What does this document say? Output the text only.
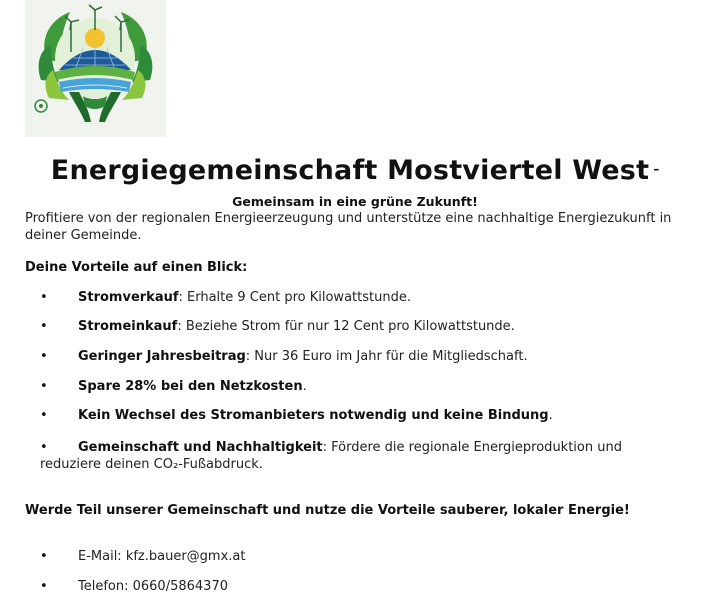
Energiegemeinschaft Mostviertel West –
Gemeinsam in eine grüne Zukunft!
Profitiere von der regionalen Energieerzeugung und unterstütze eine nachhaltige Energiezukunft in deiner Gemeinde.
Deine Vorteile auf einen Blick:
•	Stromverkauf: Erhalte 9 Cent pro Kilowattstunde.
•	Stromeinkauf: Beziehe Strom für nur 12 Cent pro Kilowattstunde.
•	Geringer Jahresbeitrag: Nur 36 Euro im Jahr für die Mitgliedschaft.
•	Spare 28% bei den Netzkosten.
•	Kein Wechsel des Stromanbieters notwendig und keine Bindung.
•	Gemeinschaft und Nachhaltigkeit: Fördere die regionale Energieproduktion und reduziere deinen CO₂-Fußabdruck.
Werde Teil unserer Gemeinschaft und nutze die Vorteile sauberer, lokaler Energie!
• E-Mail: kfz.bauer@gmx.at
• Telefon: 0660/5864370
